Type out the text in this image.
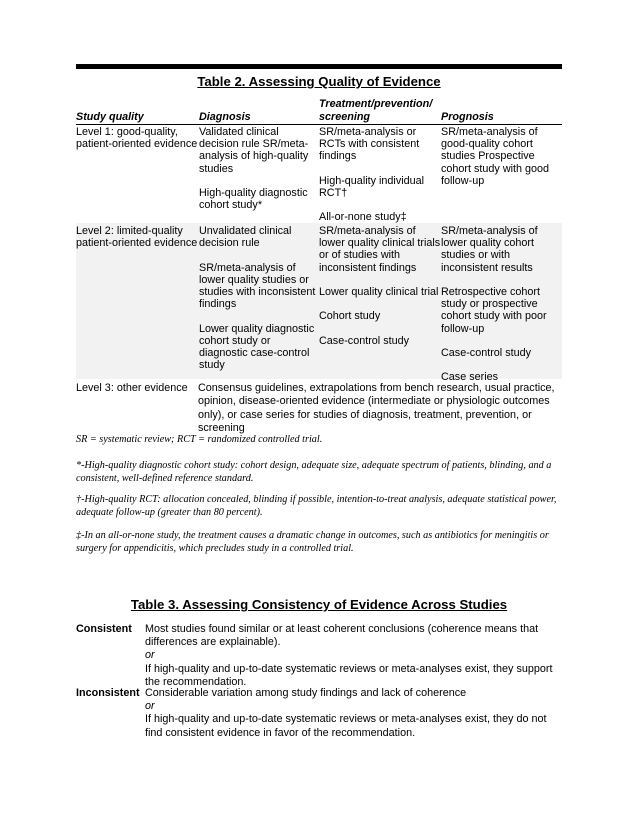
Table 2. Assessing Quality of Evidence
Study quality	Diagnosis
Treatment/prevention/ screening	Prognosis
Level 1: good-quality, patient-oriented evidence

Validated clinical decision rule SR/meta-analysis of high-quality studies

High-quality diagnostic cohort study*

SR/meta-analysis or RCTs with consistent findings

High-quality individual RCT†

All-or-none study‡

SR/meta-analysis of good-quality cohort studies Prospective cohort study with good follow-up

Level 2: limited-quality patient-oriented evidence

Unvalidated clinical decision rule

SR/meta-analysis of lower quality studies or studies with inconsistent findings

Lower quality diagnostic cohort study or diagnostic case-control study

SR/meta-analysis of lower quality clinical trials or of studies with inconsistent findings

Lower quality clinical trial

Cohort study

Case-control study

SR/meta-analysis of lower quality cohort studies or with inconsistent results

Retrospective cohort study or prospective cohort study with poor follow-up

Case-control study

Case series

Level 3: other evidence Consensus guidelines, extrapolations from bench research, usual practice, opinion, disease-oriented evidence (intermediate or physiologic outcomes only), or case series for studies of diagnosis, treatment, prevention, or screening
SR = systematic review; RCT = randomized controlled trial.
*-High-quality diagnostic cohort study: cohort design, adequate size, adequate spectrum of patients, blinding, and a consistent, well-defined reference standard.
†-High-quality RCT: allocation concealed, blinding if possible, intention-to-treat analysis, adequate statistical power, adequate follow-up (greater than 80 percent).
‡-In an all-or-none study, the treatment causes a dramatic change in outcomes, such as antibiotics for meningitis or surgery for appendicitis, which precludes study in a controlled trial.
Table 3. Assessing Consistency of Evidence Across Studies
Consistent Most studies found similar or at least coherent conclusions (coherence means that differences are explainable).
or
If high-quality and up-to-date systematic reviews or meta-analyses exist, they support the recommendation.
Inconsistent Considerable variation among study findings and lack of coherence
or
If high-quality and up-to-date systematic reviews or meta-analyses exist, they do not find consistent evidence in favor of the recommendation.
